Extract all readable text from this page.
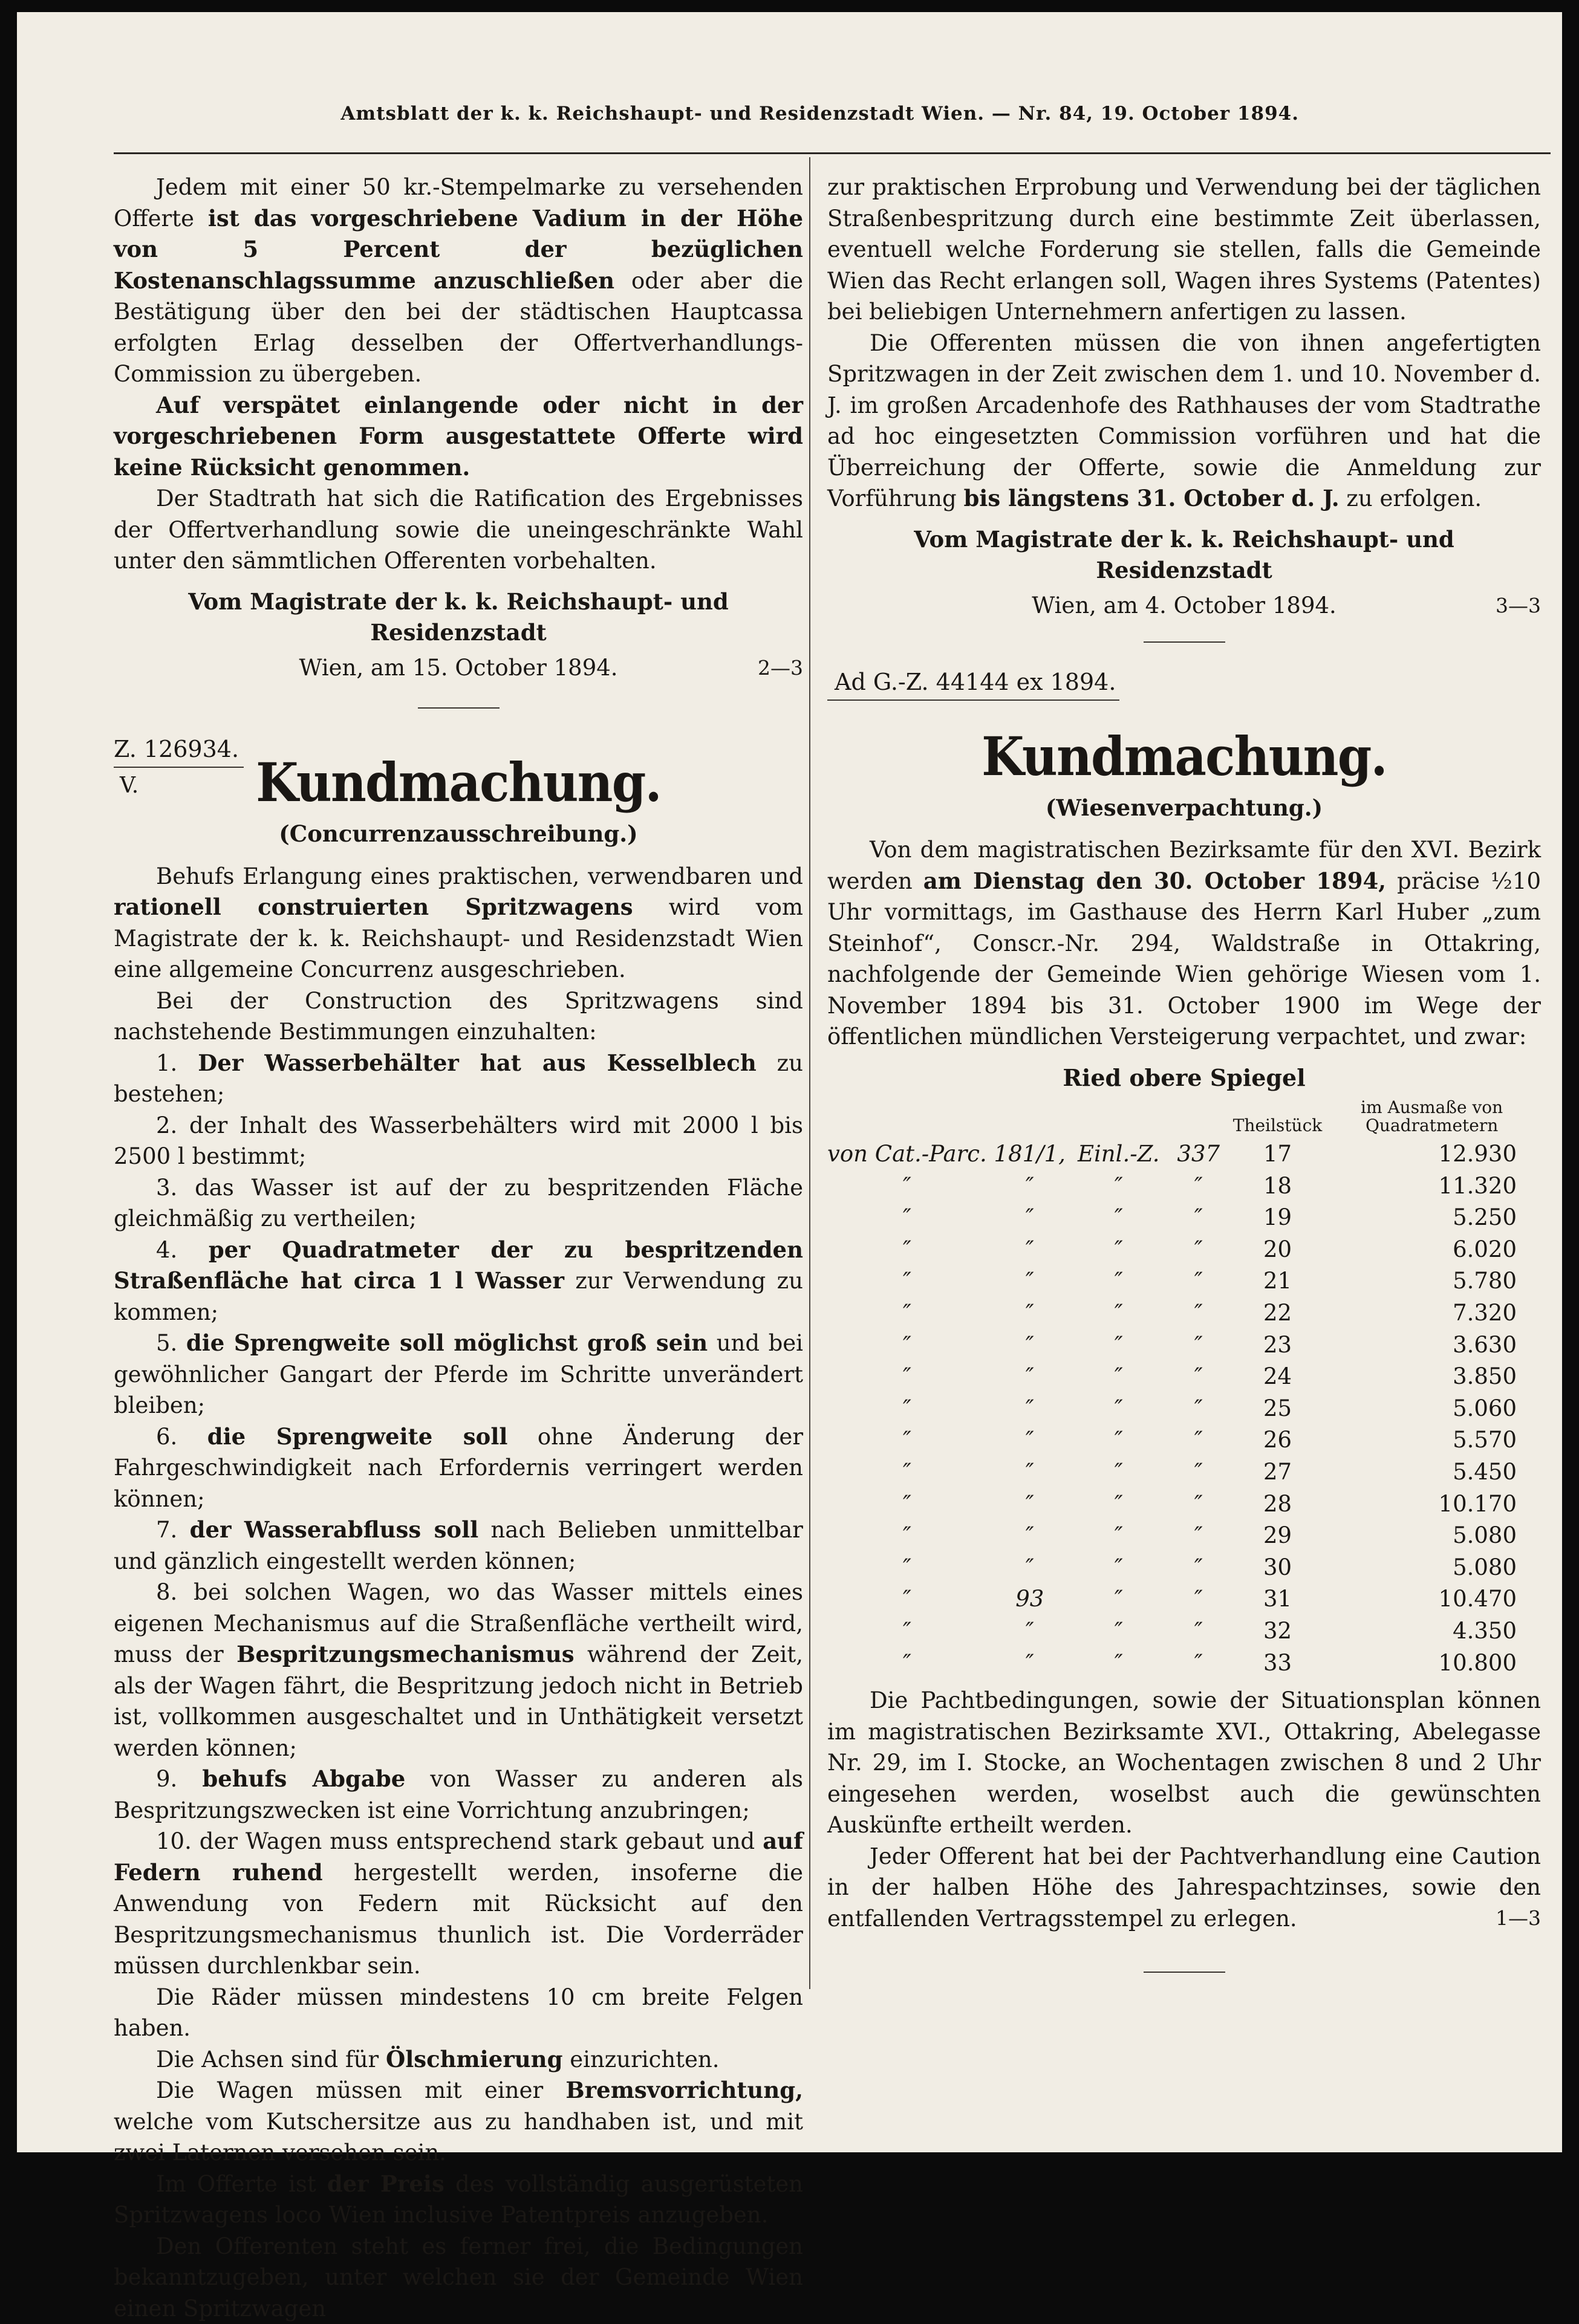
Amtsblatt der k. k. Reichshaupt- und Residenzstadt Wien. — Nr. 84, 19. October 1894.

Jedem mit einer 50 kr.-Stempelmarke zu versehenden Offerte ist das vorgeschriebene Vadium in der Höhe von 5 Percent der bezüglichen Kostenanschlagssumme anzuschließen oder aber die Bestätigung über den bei der städtischen Hauptcassa erfolgten Erlag desselben der Offertverhandlungs-Commission zu übergeben.

Auf verspätet einlangende oder nicht in der vorgeschriebenen Form ausgestattete Offerte wird keine Rücksicht genommen.

Der Stadtrath hat sich die Ratification des Ergebnisses der Offertverhandlung sowie die uneingeschränkte Wahl unter den sämmtlichen Offerenten vorbehalten.

Vom Magistrate der k. k. Reichshaupt- und Residenzstadt

Wien, am 15. October 1894.	2—3

Z. 126934.
V.	Kundmachung.

(Concurrenzausschreibung.)

Behufs Erlangung eines praktischen, verwendbaren und rationell construierten Spritzwagens wird vom Magistrate der k. k. Reichshaupt- und Residenzstadt Wien eine allgemeine Concurrenz ausgeschrieben.

Bei der Construction des Spritzwagens sind nachstehende Bestimmungen einzuhalten:

1. Der Wasserbehälter hat aus Kesselblech zu bestehen;

2. der Inhalt des Wasserbehälters wird mit 2000 l bis 2500 l bestimmt;

3. das Wasser ist auf der zu bespritzenden Fläche gleichmäßig zu vertheilen;

4. per Quadratmeter der zu bespritzenden Straßenfläche hat circa 1 l Wasser zur Verwendung zu kommen;

5. die Sprengweite soll möglichst groß sein und bei gewöhnlicher Gangart der Pferde im Schritte unverändert bleiben;

6. die Sprengweite soll ohne Änderung der Fahrgeschwindigkeit nach Erfordernis verringert werden können;

7. der Wasserabfluss soll nach Belieben unmittelbar und gänzlich eingestellt werden können;

8. bei solchen Wagen, wo das Wasser mittels eines eigenen Mechanismus auf die Straßenfläche vertheilt wird, muss der Bespritzungsmechanismus während der Zeit, als der Wagen fährt, die Bespritzung jedoch nicht in Betrieb ist, vollkommen ausgeschaltet und in Unthätigkeit versetzt werden können;

9. behufs Abgabe von Wasser zu anderen als Bespritzungszwecken ist eine Vorrichtung anzubringen;

10. der Wagen muss entsprechend stark gebaut und auf Federn ruhend hergestellt werden, insoferne die Anwendung von Federn mit Rücksicht auf den Bespritzungsmechanismus thunlich ist. Die Vorderräder müssen durchlenkbar sein.

Die Räder müssen mindestens 10 cm breite Felgen haben.

Die Achsen sind für Ölschmierung einzurichten.

Die Wagen müssen mit einer Bremsvorrichtung, welche vom Kutschersitze aus zu handhaben ist, und mit zwei Laternen versehen sein.

Im Offerte ist der Preis des vollständig ausgerüsteten Spritzwagens loco Wien inclusive Patentpreis anzugeben.

Den Offerenten steht es ferner frei, die Bedingungen bekanntzugeben, unter welchen sie der Gemeinde Wien einen Spritzwagen

zur praktischen Erprobung und Verwendung bei der täglichen Straßenbespritzung durch eine bestimmte Zeit überlassen, eventuell welche Forderung sie stellen, falls die Gemeinde Wien das Recht erlangen soll, Wagen ihres Systems (Patentes) bei beliebigen Unternehmern anfertigen zu lassen.

Die Offerenten müssen die von ihnen angefertigten Spritzwagen in der Zeit zwischen dem 1. und 10. November d. J. im großen Arcadenhofe des Rathhauses der vom Stadtrathe ad hoc eingesetzten Commission vorführen und hat die Überreichung der Offerte, sowie die Anmeldung zur Vorführung bis längstens 31. October d. J. zu erfolgen.

Vom Magistrate der k. k. Reichshaupt- und Residenzstadt

Wien, am 4. October 1894.	3—3

Ad G.-Z. 44144 ex 1894.

Kundmachung.

(Wiesenverpachtung.)

Von dem magistratischen Bezirksamte für den XVI. Bezirk werden am Dienstag den 30. October 1894, präcise ½10 Uhr vormittags, im Gasthause des Herrn Karl Huber „zum Steinhof“, Conscr.-Nr. 294, Waldstraße in Ottakring, nachfolgende der Gemeinde Wien gehörige Wiesen vom 1. November 1894 bis 31. October 1900 im Wege der öffentlichen mündlichen Versteigerung verpachtet, und zwar:

Ried obere Spiegel

				Theilstück	im Ausmaße von Quadratmetern
von Cat.-Parc.	181/1,	Einl.-Z.	337	17	12.930
″	″	″	″	18	11.320
″	″	″	″	19	5.250
″	″	″	″	20	6.020
″	″	″	″	21	5.780
″	″	″	″	22	7.320
″	″	″	″	23	3.630
″	″	″	″	24	3.850
″	″	″	″	25	5.060
″	″	″	″	26	5.570
″	″	″	″	27	5.450
″	″	″	″	28	10.170
″	″	″	″	29	5.080
″	″	″	″	30	5.080
″	93	″	″	31	10.470
″	″	″	″	32	4.350
″	″	″	″	33	10.800

Die Pachtbedingungen, sowie der Situationsplan können im magistratischen Bezirksamte XVI., Ottakring, Abelegasse Nr. 29, im I. Stocke, an Wochentagen zwischen 8 und 2 Uhr eingesehen werden, woselbst auch die gewünschten Auskünfte ertheilt werden.

Jeder Offerent hat bei der Pachtverhandlung eine Caution in der halben Höhe des Jahrespachtzinses, sowie den entfallenden Vertragsstempel zu erlegen.	1—3
